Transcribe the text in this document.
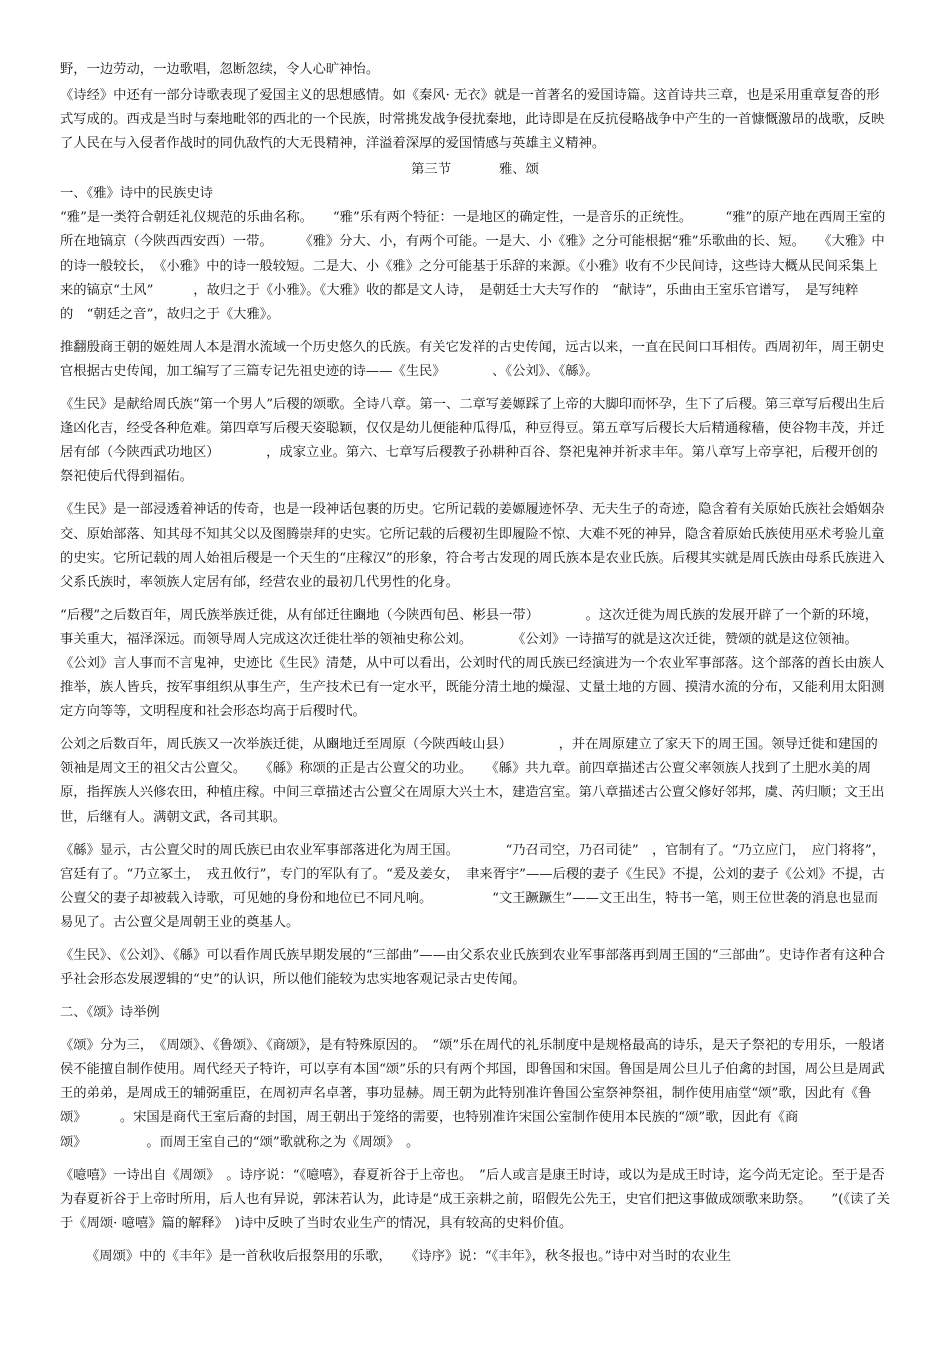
野，一边劳动，一边歌唱，忽断忽续，令人心旷神怡。

《诗经》中还有一部分诗歌表现了爱国主义的思想感情。如《秦风· 无衣》就是一首著名的爱国诗篇。这首诗共三章，也是采用重章复沓的形式写成的。西戎是当时与秦地毗邻的西北的一个民族，时常挑发战争侵扰秦地，此诗即是在反抗侵略战争中产生的一首慷慨激昂的战歌，反映了人民在与入侵者作战时的同仇敌忾的大无畏精神，洋溢着深厚的爱国情感与英雄主义精神。

第三节	雅、颂

一、《雅》诗中的民族史诗

“雅”是一类符合朝廷礼仪规范的乐曲名称。　　“雅”乐有两个特征：一是地区的确定性，一是音乐的正统性。　　　“雅”的原产地在西周王室的所在地镐京（今陕西西安西）一带。　　　《雅》分大、小，有两个可能。一是大、小《雅》之分可能根据“雅”乐歌曲的长、短。　　《大雅》中的诗一般较长，　《小雅》中的诗一般较短。二是大、小《雅》之分可能基于乐辞的来源。《小雅》收有不少民间诗，这些诗大概从民间采集上来的镐京“土风”　　　，故归之于《小雅》。《大雅》收的都是文人诗，　是朝廷士大夫写作的　“献诗”，乐曲由王室乐官谱写，　是写纯粹的　“朝廷之音”，故归之于《大雅》。

推翻殷商王朝的姬姓周人本是渭水流域一个历史悠久的氏族。有关它发祥的古史传闻，远古以来，一直在民间口耳相传。西周初年，周王朝史官根据古史传闻，加工编写了三篇专记先祖史迹的诗——《生民》　　　　、《公刘》、《緜》。

《生民》是献给周氏族“第一个男人”后稷的颂歌。全诗八章。第一、二章写姜嫄踩了上帝的大脚印而怀孕，生下了后稷。第三章写后稷出生后逢凶化吉，经受各种危难。第四章写后稷天姿聪颖，仅仅是幼儿便能种瓜得瓜，种豆得豆。第五章写后稷长大后精通稼穑，使谷物丰茂，并迁居有邰（今陕西武功地区）　　　　，成家立业。第六、七章写后稷教子孙耕种百谷、祭祀鬼神并祈求丰年。第八章写上帝享祀，后稷开创的祭祀使后代得到福佑。

《生民》是一部浸透着神话的传奇，也是一段神话包裹的历史。它所记载的姜嫄履迹怀孕、无夫生子的奇迹，隐含着有关原始氏族社会婚姻杂交、原始部落、知其母不知其父以及图腾崇拜的史实。它所记载的后稷初生即履险不惊、大难不死的神异，隐含着原始氏族使用巫术考验儿童的史实。它所记载的周人始祖后稷是一个天生的“庄稼汉”的形象，符合考古发现的周氏族本是农业氏族。后稷其实就是周氏族由母系氏族进入父系氏族时，率领族人定居有邰，经营农业的最初几代男性的化身。

“后稷”之后数百年，周氏族举族迁徙，从有邰迁往豳地（今陕西旬邑、彬县一带）　　　　。这次迁徙为周氏族的发展开辟了一个新的环境，事关重大，福泽深远。而领导周人完成这次迁徙壮举的领袖史称公刘。　　　　《公刘》一诗描写的就是这次迁徙，赞颂的就是这位领袖。　　《公刘》言人事而不言鬼神，史迹比《生民》清楚，从中可以看出，公刘时代的周氏族已经演进为一个农业军事部落。这个部落的酋长由族人推举，族人皆兵，按军事组织从事生产，生产技术已有一定水平，既能分清土地的燥湿、丈量土地的方圆、摸清水流的分布，又能利用太阳测定方向等等，文明程度和社会形态均高于后稷时代。

公刘之后数百年，周氏族又一次举族迁徙，从豳地迁至周原（今陕西岐山县）　　　　，并在周原建立了家天下的周王国。领导迁徙和建国的领袖是周文王的祖父古公亶父。　　《緜》称颂的正是古公亶父的功业。　　《緜》共九章。前四章描述古公亶父率领族人找到了土肥水美的周原，指挥族人兴修农田，种植庄稼。中间三章描述古公亶父在周原大兴土木，建造宫室。第八章描述古公亶父修好邻邦，虞、芮归顺；文王出世，后继有人。满朝文武，各司其职。

《緜》显示，古公亶父时的周氏族已由农业军事部落进化为周王国。　　　　“乃召司空，乃召司徒”　，官制有了。“乃立应门，　应门将将”，宫廷有了。“乃立冢土，　戎丑攸行”，专门的军队有了。“爰及姜女，　聿来胥宇”——后稷的妻子《生民》不提，公刘的妻子《公刘》不提，古公亶父的妻子却被载入诗歌，可见她的身份和地位已不同凡响。　　　　　“文王蹶蹶生”——文王出生，特书一笔，则王位世袭的消息也显而易见了。古公亶父是周朝王业的奠基人。

《生民》、《公刘》、《緜》可以看作周氏族早期发展的“三部曲”——由父系农业氏族到农业军事部落再到周王国的“三部曲”。史诗作者有这种合乎社会形态发展逻辑的“史”的认识，所以他们能较为忠实地客观记录古史传闻。

二、《颂》诗举例

《颂》分为三，　《周颂》、《鲁颂》、《商颂》，是有特殊原因的。　“颂”乐在周代的礼乐制度中是规格最高的诗乐，是天子祭祀的专用乐，一般诸侯不能擅自制作使用。周代经天子特许，可以享有本国“颂”乐的只有两个邦国，即鲁国和宋国。鲁国是周公旦儿子伯禽的封国，周公旦是周武王的弟弟，是周成王的辅弼重臣，在周初声名卓著，事功显赫。周王朝为此特别准许鲁国公室祭神祭祖，制作使用庙堂“颂”歌，因此有《鲁颂》　　　。宋国是商代王室后裔的封国，周王朝出于笼络的需要，也特别准许宋国公室制作使用本民族的“颂”歌，因此有《商颂》　　　　　。而周王室自己的“颂”歌就称之为《周颂》　。

《噫嘻》一诗出自《周颂》　。诗序说：“《噫嘻》，春夏祈谷于上帝也。　”后人或言是康王时诗，或以为是成王时诗，迄今尚无定论。至于是否为春夏祈谷于上帝时所用，后人也有异说，郭沫若认为，此诗是“成王亲耕之前，昭假先公先王，史官们把这事做成颂歌来助祭。　　”(《读了关于《周颂· 噫嘻》篇的解释》　)诗中反映了当时农业生产的情况，具有较高的史料价值。

《周颂》中的《丰年》是一首秋收后报祭用的乐歌，　　《诗序》说：“《丰年》，秋冬报也。”诗中对当时的农业生
